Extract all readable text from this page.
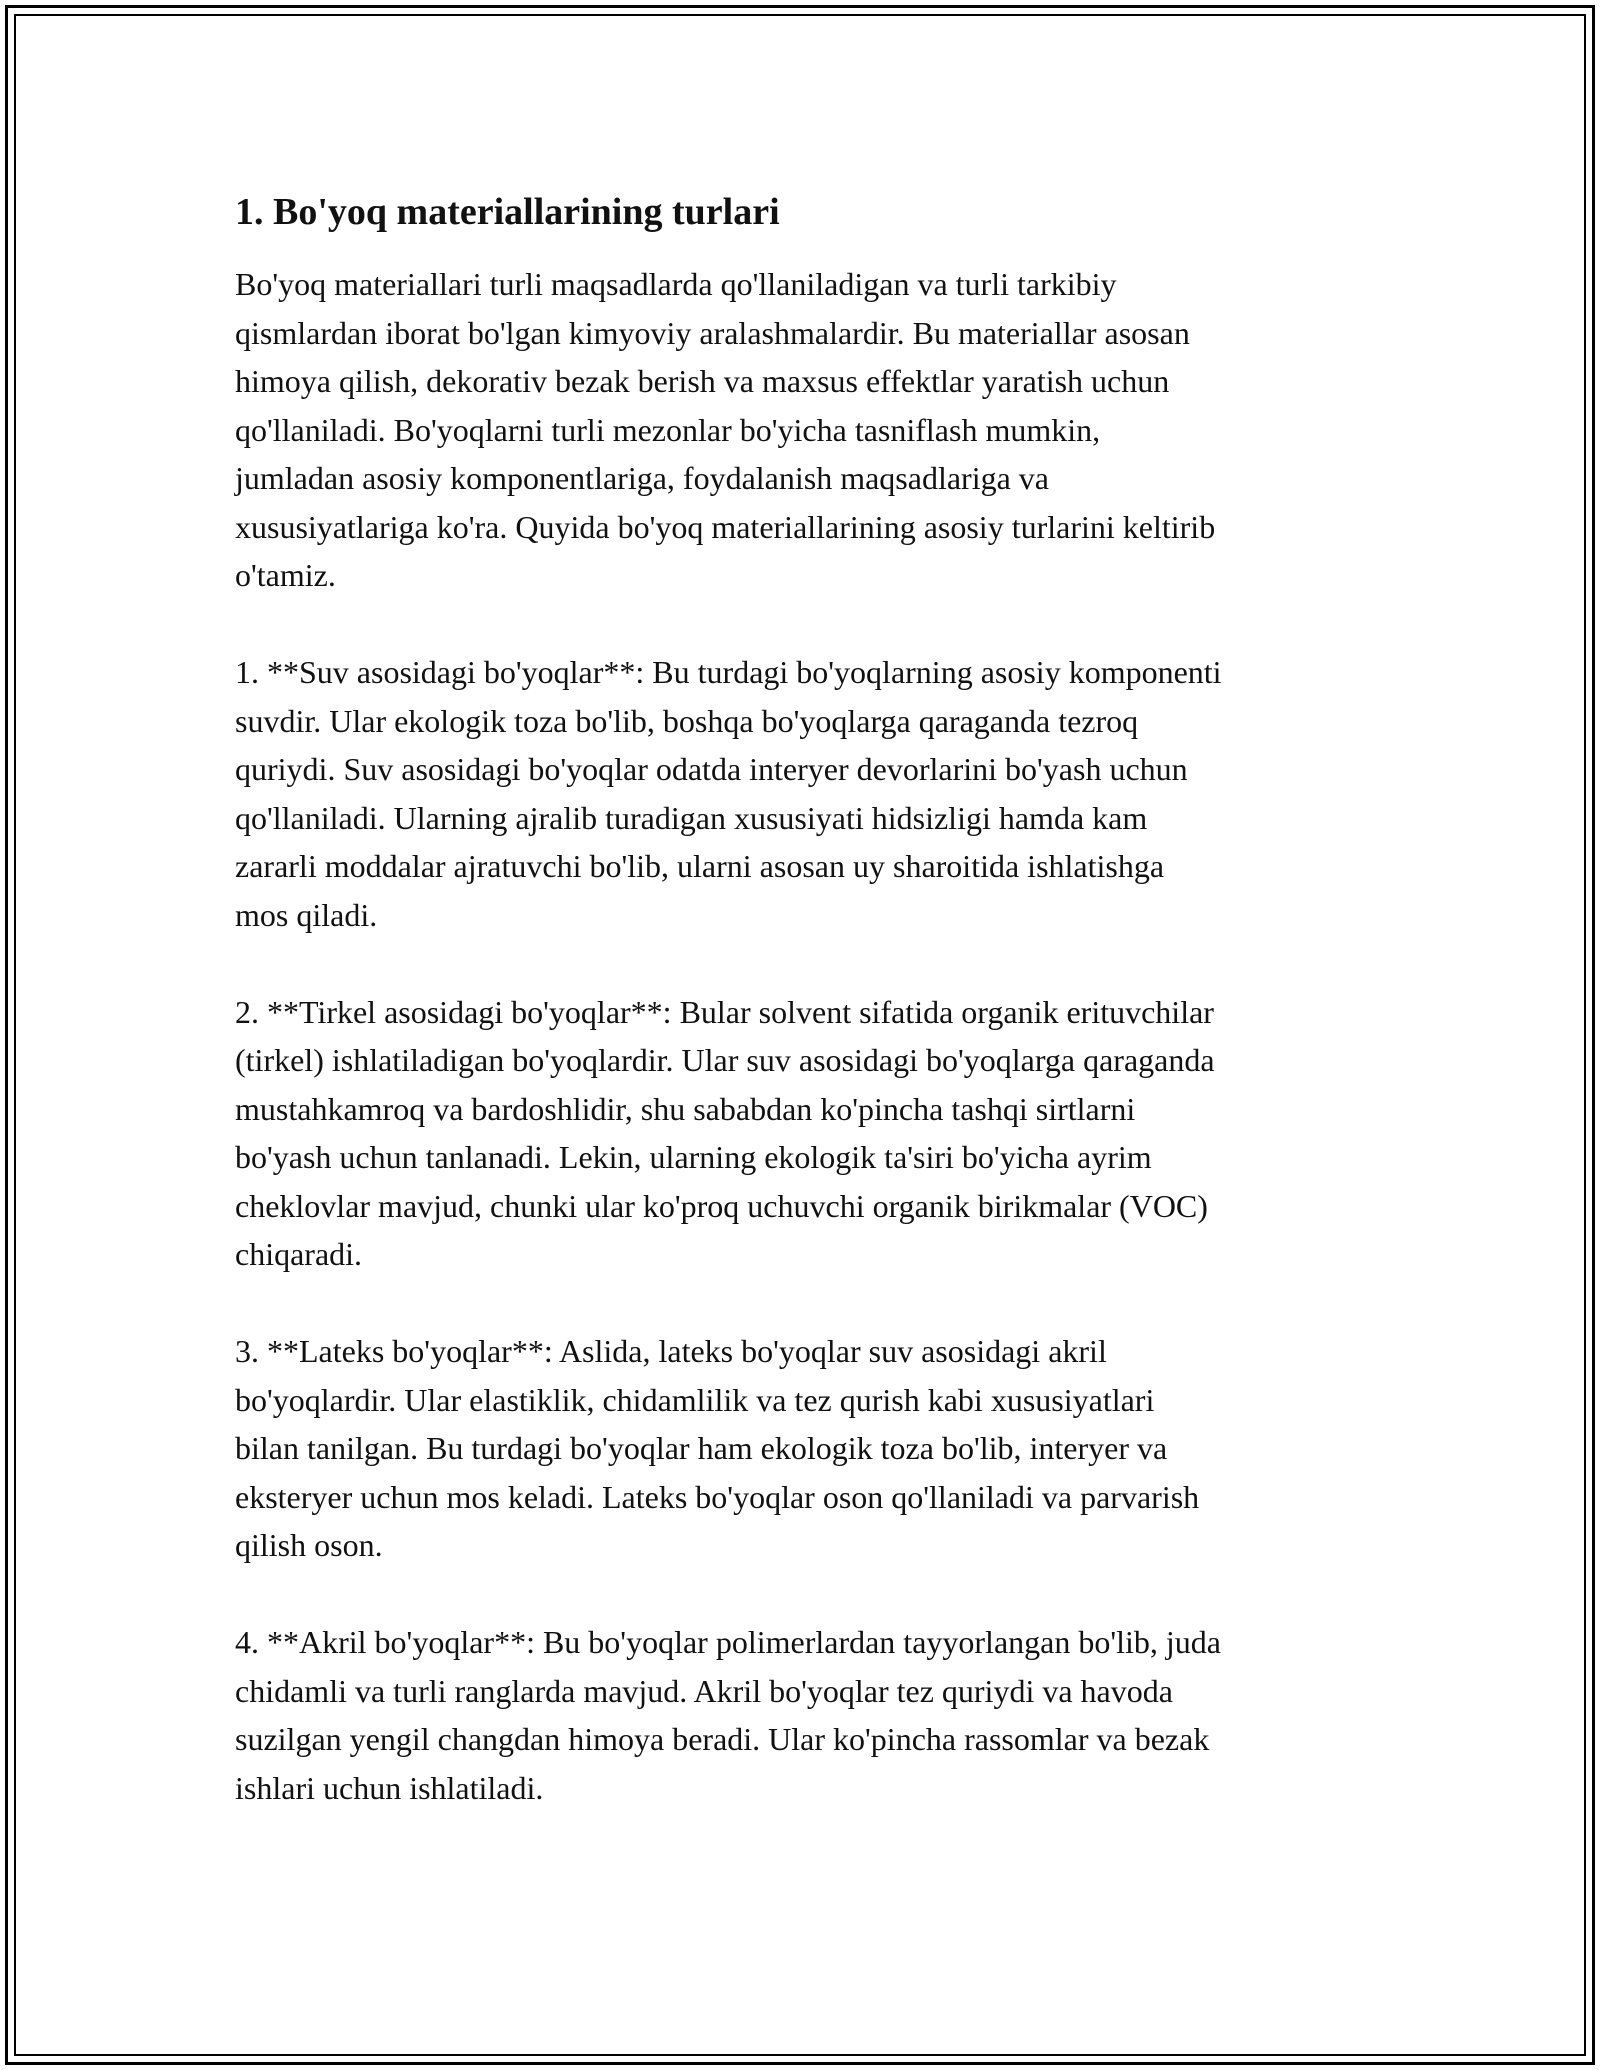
1. Bo'yoq materiallarining turlari

Bo'yoq materiallari turli maqsadlarda qo'llaniladigan va turli tarkibiy
qismlardan iborat bo'lgan kimyoviy aralashmalardir. Bu materiallar asosan
himoya qilish, dekorativ bezak berish va maxsus effektlar yaratish uchun
qo'llaniladi. Bo'yoqlarni turli mezonlar bo'yicha tasniflash mumkin,
jumladan asosiy komponentlariga, foydalanish maqsadlariga va
xususiyatlariga ko'ra. Quyida bo'yoq materiallarining asosiy turlarini keltirib
o'tamiz.

1. **Suv asosidagi bo'yoqlar**: Bu turdagi bo'yoqlarning asosiy komponenti
suvdir. Ular ekologik toza bo'lib, boshqa bo'yoqlarga qaraganda tezroq
quriydi. Suv asosidagi bo'yoqlar odatda interyer devorlarini bo'yash uchun
qo'llaniladi. Ularning ajralib turadigan xususiyati hidsizligi hamda kam
zararli moddalar ajratuvchi bo'lib, ularni asosan uy sharoitida ishlatishga
mos qiladi.

2. **Tirkel asosidagi bo'yoqlar**: Bular solvent sifatida organik erituvchilar
(tirkel) ishlatiladigan bo'yoqlardir. Ular suv asosidagi bo'yoqlarga qaraganda
mustahkamroq va bardoshlidir, shu sababdan ko'pincha tashqi sirtlarni
bo'yash uchun tanlanadi. Lekin, ularning ekologik ta'siri bo'yicha ayrim
cheklovlar mavjud, chunki ular ko'proq uchuvchi organik birikmalar (VOC)
chiqaradi.

3. **Lateks bo'yoqlar**: Aslida, lateks bo'yoqlar suv asosidagi akril
bo'yoqlardir. Ular elastiklik, chidamlilik va tez qurish kabi xususiyatlari
bilan tanilgan. Bu turdagi bo'yoqlar ham ekologik toza bo'lib, interyer va
eksteryer uchun mos keladi. Lateks bo'yoqlar oson qo'llaniladi va parvarish
qilish oson.

4. **Akril bo'yoqlar**: Bu bo'yoqlar polimerlardan tayyorlangan bo'lib, juda
chidamli va turli ranglarda mavjud. Akril bo'yoqlar tez quriydi va havoda
suzilgan yengil changdan himoya beradi. Ular ko'pincha rassomlar va bezak
ishlari uchun ishlatiladi.
